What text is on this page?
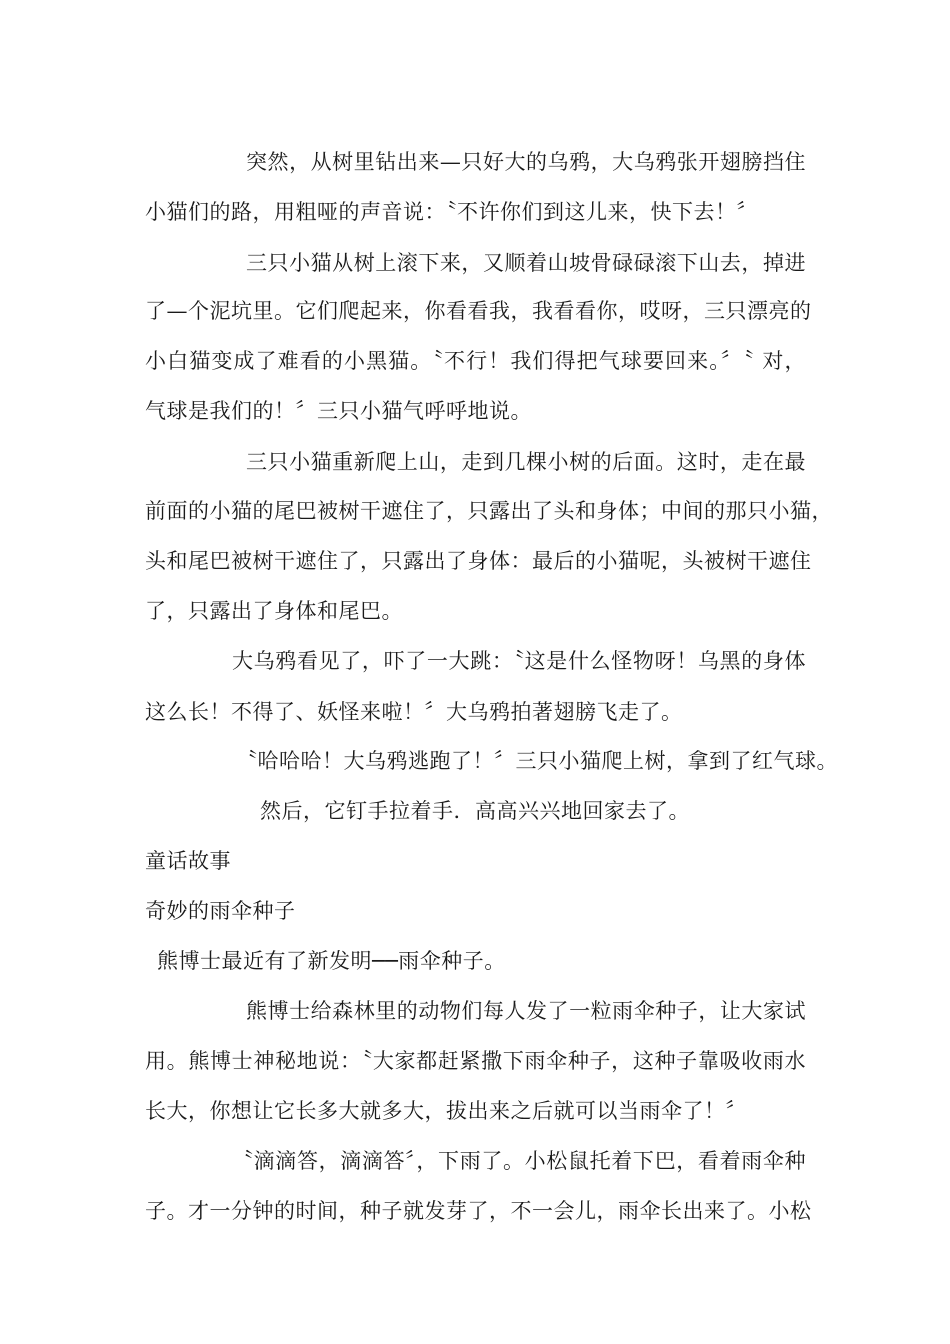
突然，从树里钻出来—只好大的乌鸦，大乌鸦张开翅膀挡住
小猫们的路，用粗哑的声音说：〝不许你们到这儿来，快下去！〞
三只小猫从树上滚下来，又顺着山坡骨碌碌滚下山去，掉进
了—个泥坑里。它们爬起来，你看看我，我看看你，哎呀，三只漂亮的
小白猫变成了难看的小黑猫。〝不行！我们得把气球要回来。〞〝 对，
气球是我们的！〞三只小猫气呼呼地说。
三只小猫重新爬上山，走到几棵小树的后面。这时，走在最
前面的小猫的尾巴被树干遮住了，只露出了头和身体；中间的那只小猫，
头和尾巴被树干遮住了，只露出了身体：最后的小猫呢，头被树干遮住
了，只露出了身体和尾巴。
大乌鸦看见了，吓了一大跳：〝这是什么怪物呀！乌黑的身体
这么长！不得了、妖怪来啦！〞大乌鸦拍著翅膀飞走了。
〝哈哈哈！大乌鸦逃跑了！〞三只小猫爬上树，拿到了红气球。
然后，它钉手拉着手．高高兴兴地回家去了。
童话故事
奇妙的雨伞种子
熊博士最近有了新发明──雨伞种子。
熊博士给森林里的动物们每人发了一粒雨伞种子，让大家试
用。熊博士神秘地说：〝大家都赶紧撒下雨伞种子，这种子靠吸收雨水
长大，你想让它长多大就多大，拔出来之后就可以当雨伞了！〞
〝滴滴答，滴滴答〞，下雨了。小松鼠托着下巴，看着雨伞种
子。才一分钟的时间，种子就发芽了，不一会儿，雨伞长出来了。小松
